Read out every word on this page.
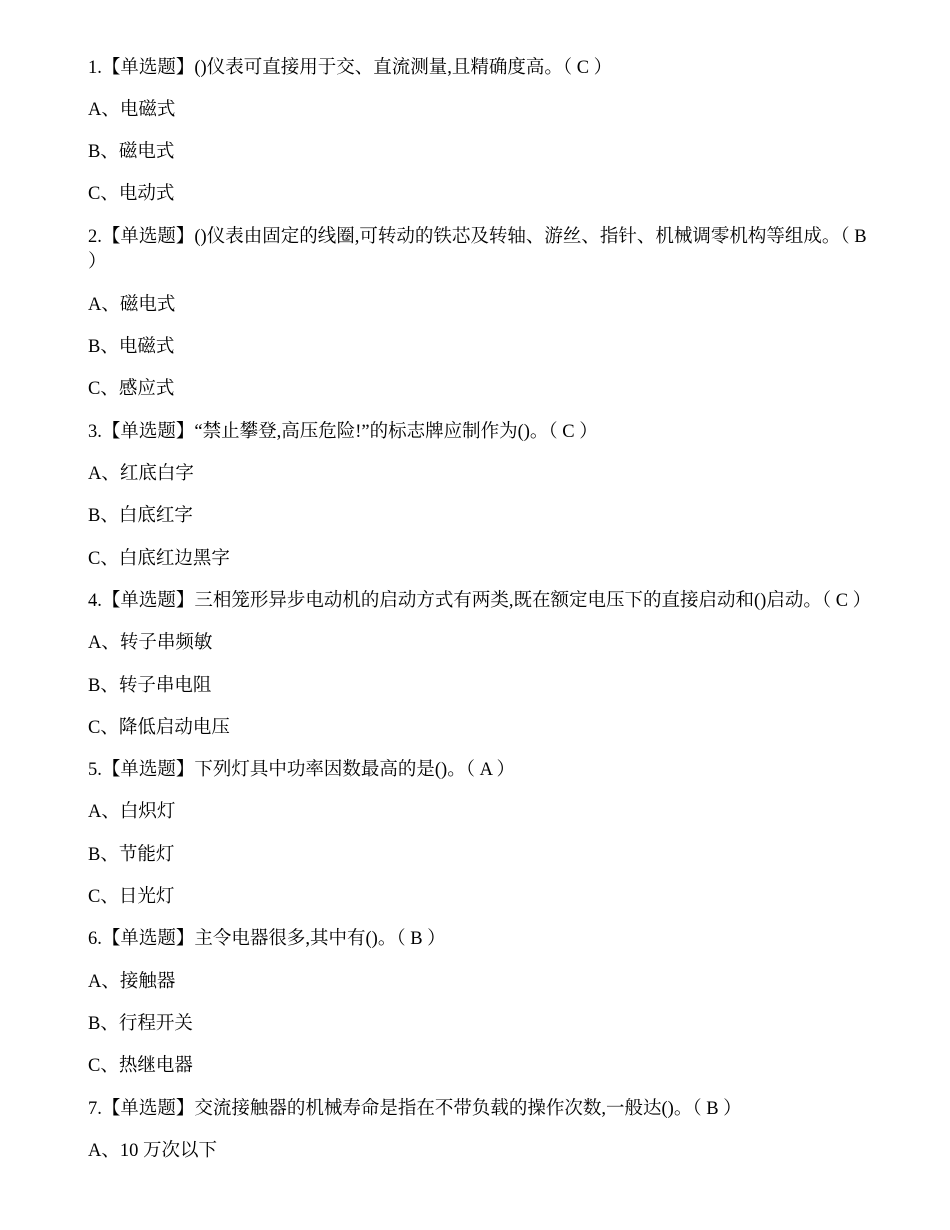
1.【单选题】()仪表可直接用于交、直流测量,且精确度高。（ C ）
A、电磁式
B、磁电式
C、电动式
2.【单选题】()仪表由固定的线圈,可转动的铁芯及转轴、游丝、指针、机械调零机构等组成。（ B
）
A、磁电式
B、电磁式
C、感应式
3.【单选题】“禁止攀登,高压危险!”的标志牌应制作为()。（ C ）
A、红底白字
B、白底红字
C、白底红边黑字
4.【单选题】三相笼形异步电动机的启动方式有两类,既在额定电压下的直接启动和()启动。（ C ）
A、转子串频敏
B、转子串电阻
C、降低启动电压
5.【单选题】下列灯具中功率因数最高的是()。（ A ）
A、白炽灯
B、节能灯
C、日光灯
6.【单选题】主令电器很多,其中有()。（ B ）
A、接触器
B、行程开关
C、热继电器
7.【单选题】交流接触器的机械寿命是指在不带负载的操作次数,一般达()。（ B ）
A、10 万次以下
